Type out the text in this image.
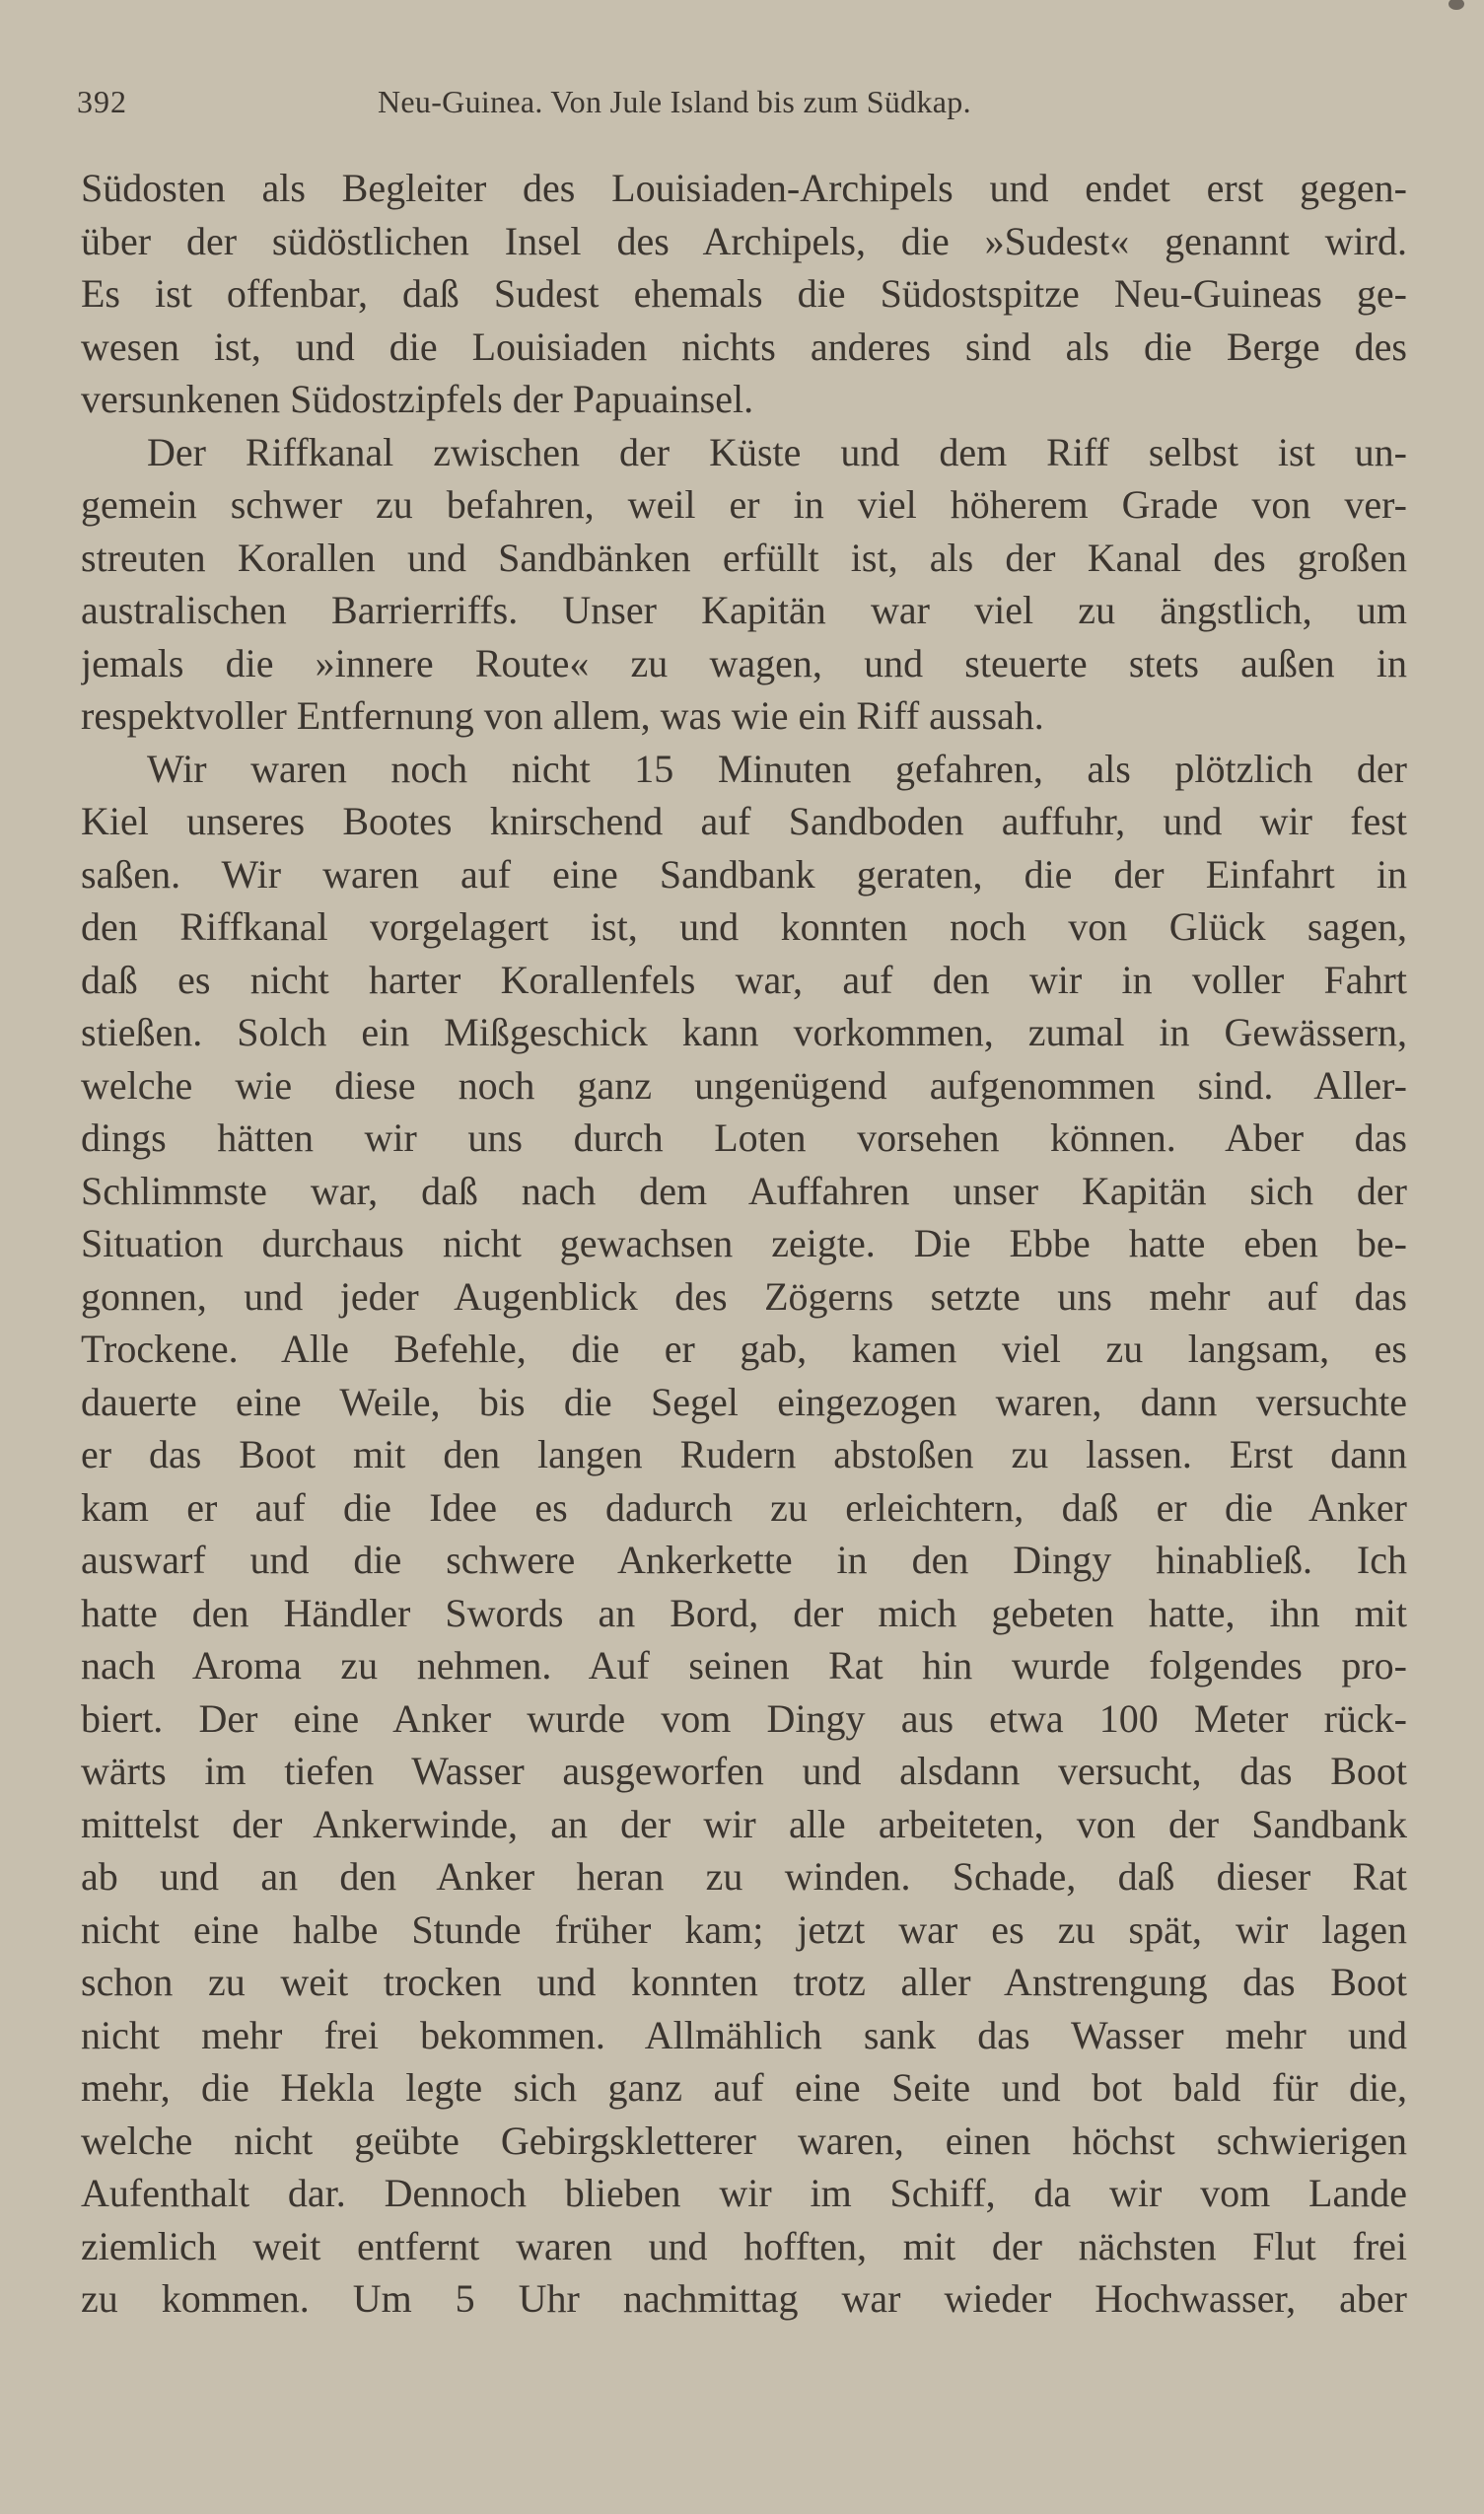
392	Neu-Guinea. Von Jule Island bis zum Südkap.
Südosten als Begleiter des Louisiaden-Archipels und endet erst gegen-
über der südöstlichen Insel des Archipels, die »Sudest« genannt wird.
Es ist offenbar, daß Sudest ehemals die Südostspitze Neu-Guineas ge-
wesen ist, und die Louisiaden nichts anderes sind als die Berge des
versunkenen Südostzipfels der Papuainsel.
Der Riffkanal zwischen der Küste und dem Riff selbst ist un-
gemein schwer zu befahren, weil er in viel höherem Grade von ver-
streuten Korallen und Sandbänken erfüllt ist, als der Kanal des großen
australischen Barrierriffs. Unser Kapitän war viel zu ängstlich, um
jemals die »innere Route« zu wagen, und steuerte stets außen in
respektvoller Entfernung von allem, was wie ein Riff aussah.
Wir waren noch nicht 15 Minuten gefahren, als plötzlich der
Kiel unseres Bootes knirschend auf Sandboden auffuhr, und wir fest
saßen. Wir waren auf eine Sandbank geraten, die der Einfahrt in
den Riffkanal vorgelagert ist, und konnten noch von Glück sagen,
daß es nicht harter Korallenfels war, auf den wir in voller Fahrt
stießen. Solch ein Mißgeschick kann vorkommen, zumal in Gewässern,
welche wie diese noch ganz ungenügend aufgenommen sind. Aller-
dings hätten wir uns durch Loten vorsehen können. Aber das
Schlimmste war, daß nach dem Auffahren unser Kapitän sich der
Situation durchaus nicht gewachsen zeigte. Die Ebbe hatte eben be-
gonnen, und jeder Augenblick des Zögerns setzte uns mehr auf das
Trockene. Alle Befehle, die er gab, kamen viel zu langsam, es
dauerte eine Weile, bis die Segel eingezogen waren, dann versuchte
er das Boot mit den langen Rudern abstoßen zu lassen. Erst dann
kam er auf die Idee es dadurch zu erleichtern, daß er die Anker
auswarf und die schwere Ankerkette in den Dingy hinabließ. Ich
hatte den Händler Swords an Bord, der mich gebeten hatte, ihn mit
nach Aroma zu nehmen. Auf seinen Rat hin wurde folgendes pro-
biert. Der eine Anker wurde vom Dingy aus etwa 100 Meter rück-
wärts im tiefen Wasser ausgeworfen und alsdann versucht, das Boot
mittelst der Ankerwinde, an der wir alle arbeiteten, von der Sandbank
ab und an den Anker heran zu winden. Schade, daß dieser Rat
nicht eine halbe Stunde früher kam; jetzt war es zu spät, wir lagen
schon zu weit trocken und konnten trotz aller Anstrengung das Boot
nicht mehr frei bekommen. Allmählich sank das Wasser mehr und
mehr, die Hekla legte sich ganz auf eine Seite und bot bald für die,
welche nicht geübte Gebirgskletterer waren, einen höchst schwierigen
Aufenthalt dar. Dennoch blieben wir im Schiff, da wir vom Lande
ziemlich weit entfernt waren und hofften, mit der nächsten Flut frei
zu kommen. Um 5 Uhr nachmittag war wieder Hochwasser, aber
